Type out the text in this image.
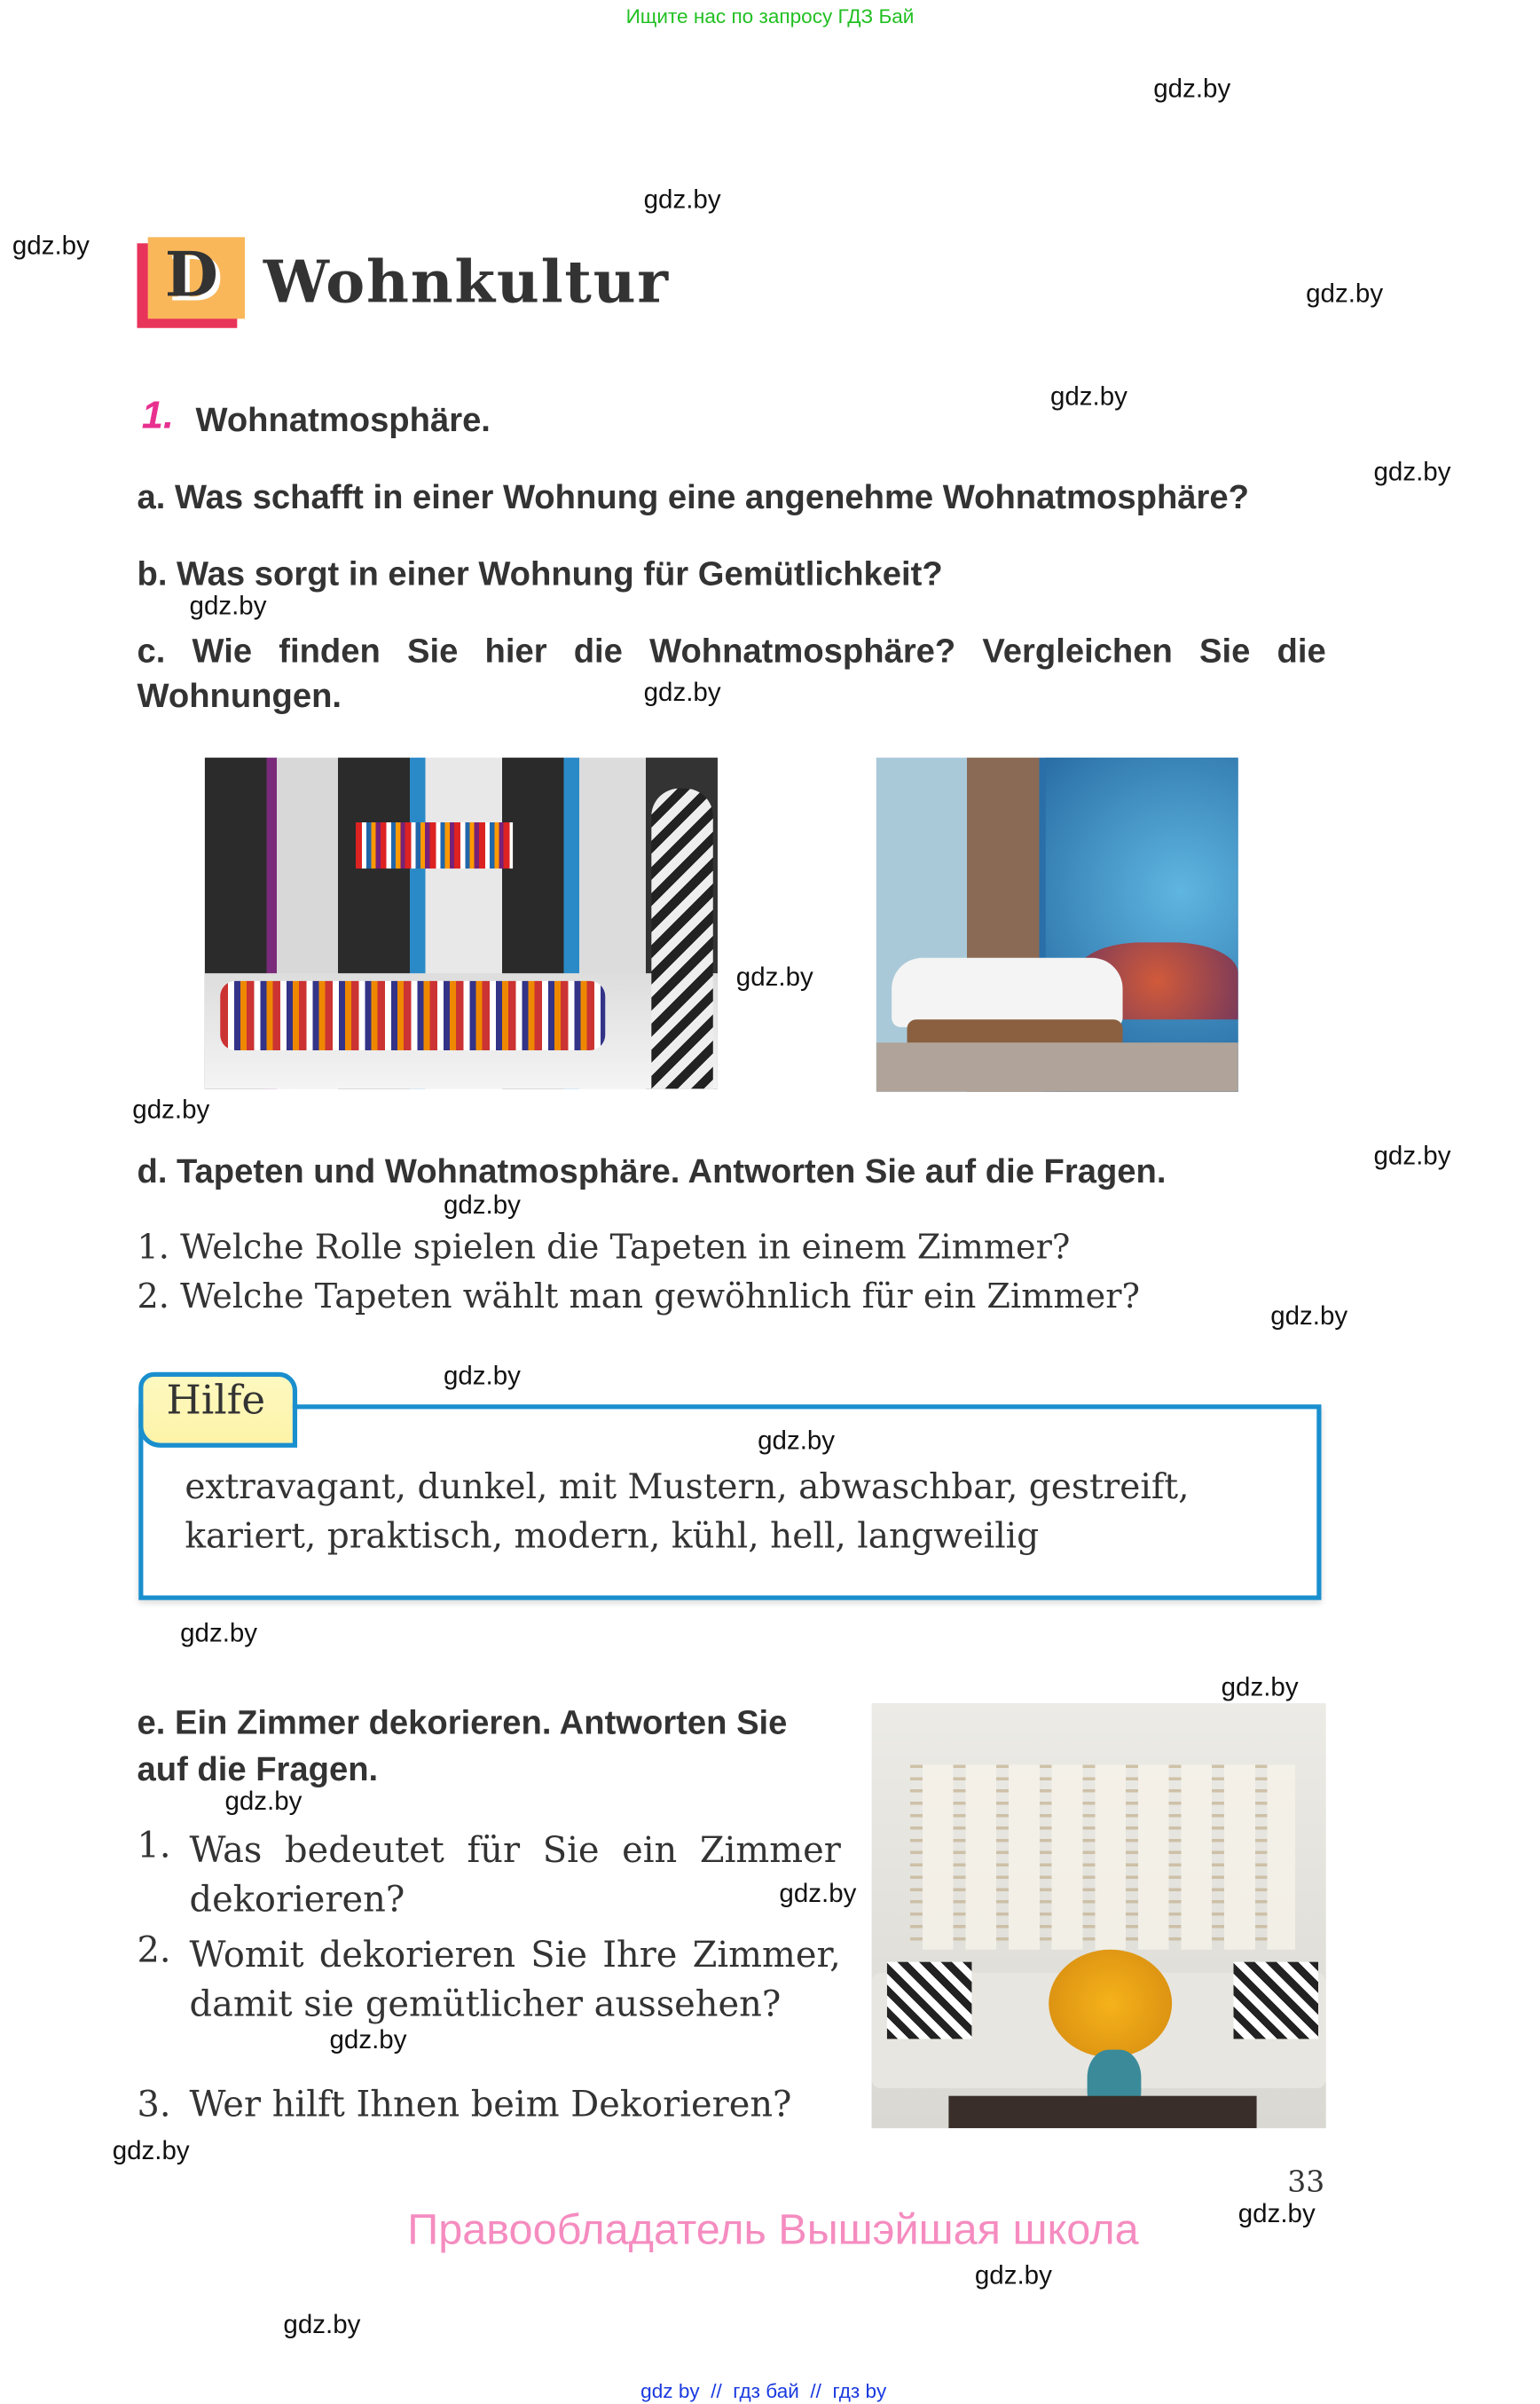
Ищите нас по запросу ГДЗ Бай
D Wohnkultur
1. Wohnatmosphäre.
a. Was schafft in einer Wohnung eine angenehme Wohnatmosphäre?
b. Was sorgt in einer Wohnung für Gemütlichkeit?
c. Wie finden Sie hier die Wohnatmosphäre? Vergleichen Sie die Wohnungen.
d. Tapeten und Wohnatmosphäre. Antworten Sie auf die Fragen.
1. Welche Rolle spielen die Tapeten in einem Zimmer?
2. Welche Tapeten wählt man gewöhnlich für ein Zimmer?
Hilfe
extravagant, dunkel, mit Mustern, abwaschbar, gestreift,
kariert, praktisch, modern, kühl, hell, langweilig
e. Ein Zimmer dekorieren. Antworten Sie auf die Fragen.
1. Was bedeutet für Sie ein Zimmer dekorieren?
2. Womit dekorieren Sie Ihre Zimmer, damit sie gemütlicher aussehen?
3. Wer hilft Ihnen beim Dekorieren?
33
Правообладатель Вышэйшая школа
gdz by  //  гдз бай  //  гдз by
gdz.by
gdz.by
gdz.by
gdz.by
gdz.by
gdz.by
gdz.by
gdz.by
gdz.by
gdz.by
gdz.by
gdz.by
gdz.by
gdz.by
gdz.by
gdz.by
gdz.by
gdz.by
gdz.by
gdz.by
gdz.by
gdz.by
gdz.by
gdz.by
